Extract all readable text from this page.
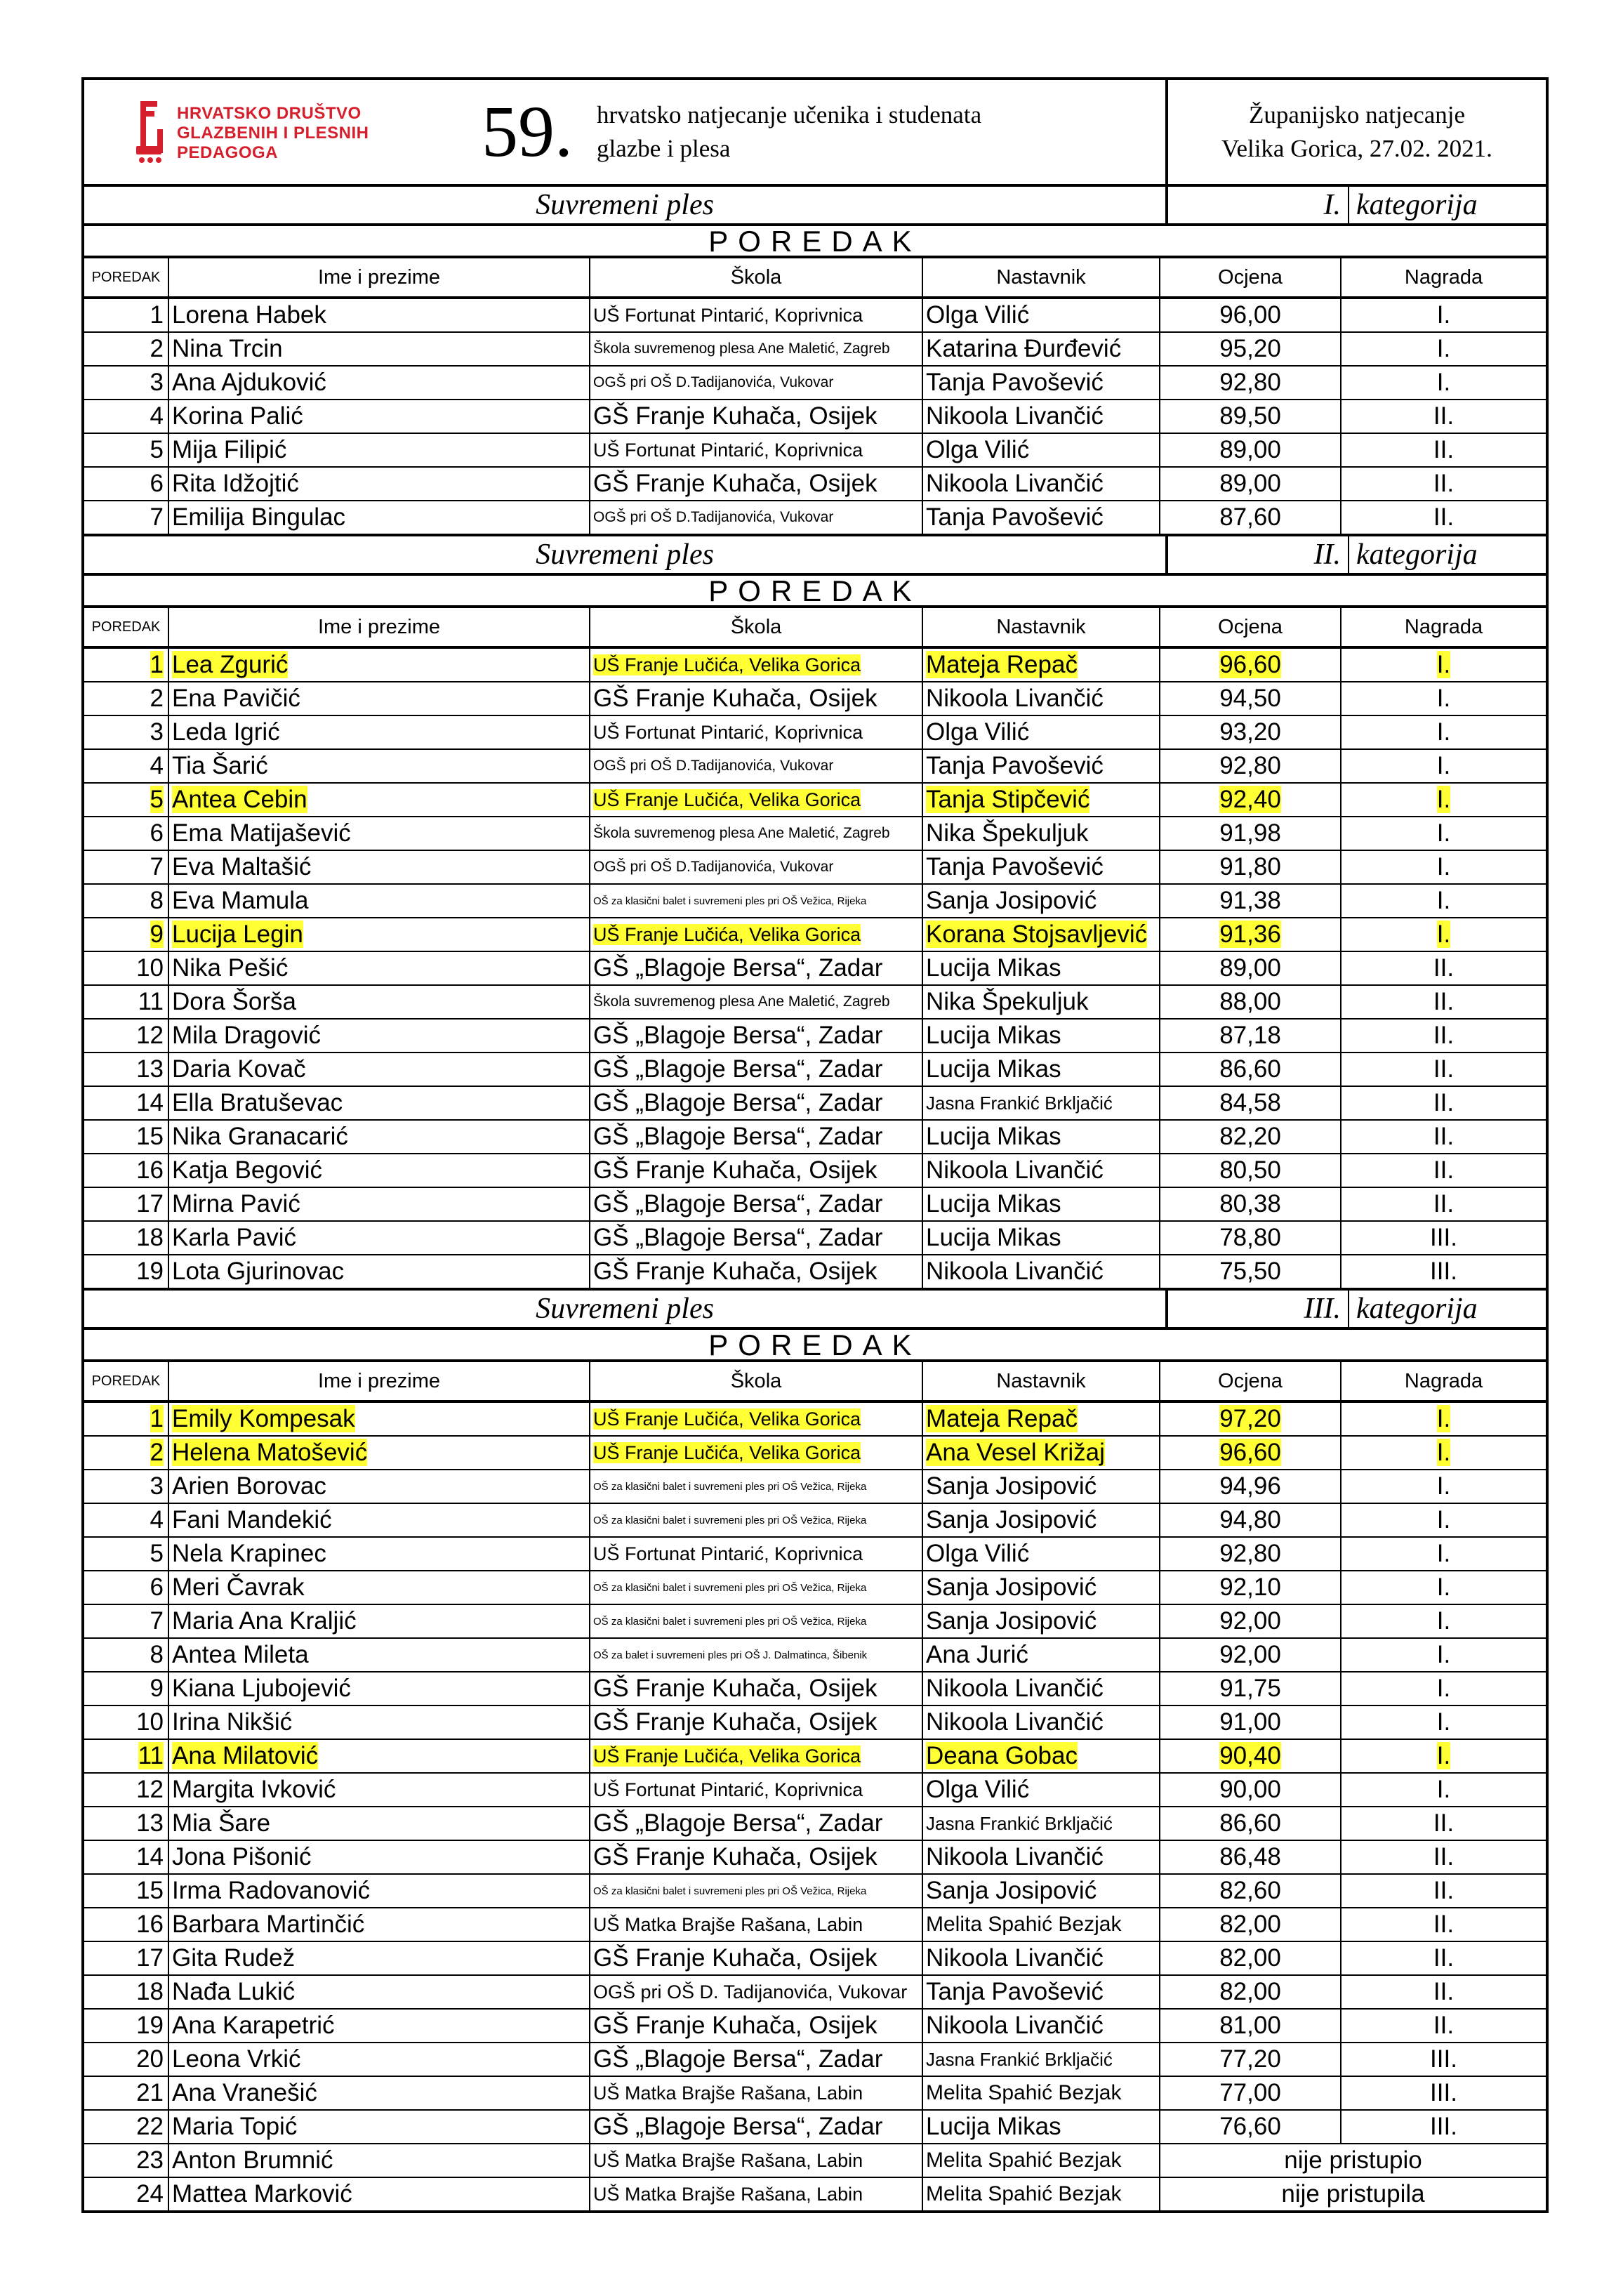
HRVATSKO DRUŠTVO
GLAZBENIH I PLESNIH
PEDAGOGA	59. hrvatsko natjecanje učenika i studenata
glazbe i plesa
Županijsko natjecanje
Velika Gorica, 27.02. 2021.
Suvremeni ples	I. kategorija
POREDAK
POREDAK	Ime i prezime	Škola	Nastavnik	Ocjena	Nagrada
1	Lorena Habek	UŠ Fortunat Pintarić, Koprivnica	Olga Vilić	96,00	I.
2	Nina Trcin	Škola suvremenog plesa Ane Maletić, Zagreb	Katarina Đurđević	95,20	I.
3	Ana Ajduković	OGŠ pri OŠ D.Tadijanovića, Vukovar	Tanja Pavošević	92,80	I.
4	Korina Palić	GŠ Franje Kuhača, Osijek	Nikoola Livančić	89,50	II.
5	Mija Filipić	UŠ Fortunat Pintarić, Koprivnica	Olga Vilić	89,00	II.
6	Rita Idžojtić	GŠ Franje Kuhača, Osijek	Nikoola Livančić	89,00	II.
7	Emilija Bingulac	OGŠ pri OŠ D.Tadijanovića, Vukovar	Tanja Pavošević	87,60	II.
Suvremeni ples	II. kategorija
POREDAK
POREDAK	Ime i prezime	Škola	Nastavnik	Ocjena	Nagrada
1	Lea Zgurić	UŠ Franje Lučića, Velika Gorica	Mateja Repač	96,60	I.
2	Ena Pavičić	GŠ Franje Kuhača, Osijek	Nikoola Livančić	94,50	I.
3	Leda Igrić	UŠ Fortunat Pintarić, Koprivnica	Olga Vilić	93,20	I.
4	Tia Šarić	OGŠ pri OŠ D.Tadijanovića, Vukovar	Tanja Pavošević	92,80	I.
5	Antea Cebin	UŠ Franje Lučića, Velika Gorica	Tanja Stipčević	92,40	I.
6	Ema Matijašević	Škola suvremenog plesa Ane Maletić, Zagreb	Nika Špekuljuk	91,98	I.
7	Eva Maltašić	OGŠ pri OŠ D.Tadijanovića, Vukovar	Tanja Pavošević	91,80	I.
8	Eva Mamula	OŠ za klasični balet i suvremeni ples pri OŠ Vežica, Rijeka	Sanja Josipović	91,38	I.
9	Lucija Legin	UŠ Franje Lučića, Velika Gorica	Korana Stojsavljević	91,36	I.
10	Nika Pešić	GŠ „Blagoje Bersa“, Zadar	Lucija Mikas	89,00	II.
11	Dora Šorša	Škola suvremenog plesa Ane Maletić, Zagreb	Nika Špekuljuk	88,00	II.
12	Mila Dragović	GŠ „Blagoje Bersa“, Zadar	Lucija Mikas	87,18	II.
13	Daria Kovač	GŠ „Blagoje Bersa“, Zadar	Lucija Mikas	86,60	II.
14	Ella Bratuševac	GŠ „Blagoje Bersa“, Zadar	Jasna Frankić Brkljačić	84,58	II.
15	Nika Granacarić	GŠ „Blagoje Bersa“, Zadar	Lucija Mikas	82,20	II.
16	Katja Begović	GŠ Franje Kuhača, Osijek	Nikoola Livančić	80,50	II.
17	Mirna Pavić	GŠ „Blagoje Bersa“, Zadar	Lucija Mikas	80,38	II.
18	Karla Pavić	GŠ „Blagoje Bersa“, Zadar	Lucija Mikas	78,80	III.
19	Lota Gjurinovac	GŠ Franje Kuhača, Osijek	Nikoola Livančić	75,50	III.
Suvremeni ples	III. kategorija
POREDAK
POREDAK	Ime i prezime	Škola	Nastavnik	Ocjena	Nagrada
1	Emily Kompesak	UŠ Franje Lučića, Velika Gorica	Mateja Repač	97,20	I.
2	Helena Matošević	UŠ Franje Lučića, Velika Gorica	Ana Vesel Križaj	96,60	I.
3	Arien Borovac	OŠ za klasični balet i suvremeni ples pri OŠ Vežica, Rijeka	Sanja Josipović	94,96	I.
4	Fani Mandekić	OŠ za klasični balet i suvremeni ples pri OŠ Vežica, Rijeka	Sanja Josipović	94,80	I.
5	Nela Krapinec	UŠ Fortunat Pintarić, Koprivnica	Olga Vilić	92,80	I.
6	Meri Čavrak	OŠ za klasični balet i suvremeni ples pri OŠ Vežica, Rijeka	Sanja Josipović	92,10	I.
7	Maria Ana Kraljić	OŠ za klasični balet i suvremeni ples pri OŠ Vežica, Rijeka	Sanja Josipović	92,00	I.
8	Antea Mileta	OŠ za balet i suvremeni ples pri OŠ J. Dalmatinca, Šibenik	Ana Jurić	92,00	I.
9	Kiana Ljubojević	GŠ Franje Kuhača, Osijek	Nikoola Livančić	91,75	I.
10	Irina Nikšić	GŠ Franje Kuhača, Osijek	Nikoola Livančić	91,00	I.
11	Ana Milatović	UŠ Franje Lučića, Velika Gorica	Deana Gobac	90,40	I.
12	Margita Ivković	UŠ Fortunat Pintarić, Koprivnica	Olga Vilić	90,00	I.
13	Mia Šare	GŠ „Blagoje Bersa“, Zadar	Jasna Frankić Brkljačić	86,60	II.
14	Jona Pišonić	GŠ Franje Kuhača, Osijek	Nikoola Livančić	86,48	II.
15	Irma Radovanović	OŠ za klasični balet i suvremeni ples pri OŠ Vežica, Rijeka	Sanja Josipović	82,60	II.
16	Barbara Martinčić	UŠ Matka Brajše Rašana, Labin	Melita Spahić Bezjak	82,00	II.
17	Gita Rudež	GŠ Franje Kuhača, Osijek	Nikoola Livančić	82,00	II.
18	Nađa Lukić	OGŠ pri OŠ D. Tadijanovića, Vukovar	Tanja Pavošević	82,00	II.
19	Ana Karapetrić	GŠ Franje Kuhača, Osijek	Nikoola Livančić	81,00	II.
20	Leona Vrkić	GŠ „Blagoje Bersa“, Zadar	Jasna Frankić Brkljačić	77,20	III.
21	Ana Vranešić	UŠ Matka Brajše Rašana, Labin	Melita Spahić Bezjak	77,00	III.
22	Maria Topić	GŠ „Blagoje Bersa“, Zadar	Lucija Mikas	76,60	III.
23	Anton Brumnić	UŠ Matka Brajše Rašana, Labin	Melita Spahić Bezjak	nije pristupio	
24	Mattea Marković	UŠ Matka Brajše Rašana, Labin	Melita Spahić Bezjak	nije pristupila	
